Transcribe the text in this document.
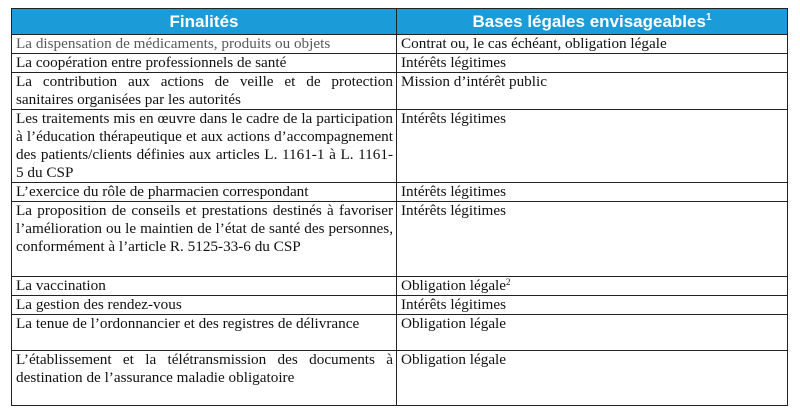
Finalités	Bases légales envisageables$^1$
La dispensation de médicaments, produits ou objets	Contrat ou, le cas échéant, obligation légale
La coopération entre professionnels de santé	Intérêts légitimes
La contribution aux actions de veille et de protection sanitaires organisées par les autorités	Mission d’intérêt public
Les traitements mis en œuvre dans le cadre de la participation à l’éducation thérapeutique et aux actions d’accompagnement des patients/clients définies aux articles L. 1161-1 à L. 1161-5 du CSP	Intérêts légitimes
L’exercice du rôle de pharmacien correspondant	Intérêts légitimes
La proposition de conseils et prestations destinés à favoriser l’amélioration ou le maintien de l’état de santé des personnes, conformément à l’article R. 5125-33-6 du CSP	Intérêts légitimes
La vaccination	Obligation légale$^2$
La gestion des rendez-vous	Intérêts légitimes
La tenue de l’ordonnancier et des registres de délivrance	Obligation légale
L’établissement et la télétransmission des documents à destination de l’assurance maladie obligatoire	Obligation légale
